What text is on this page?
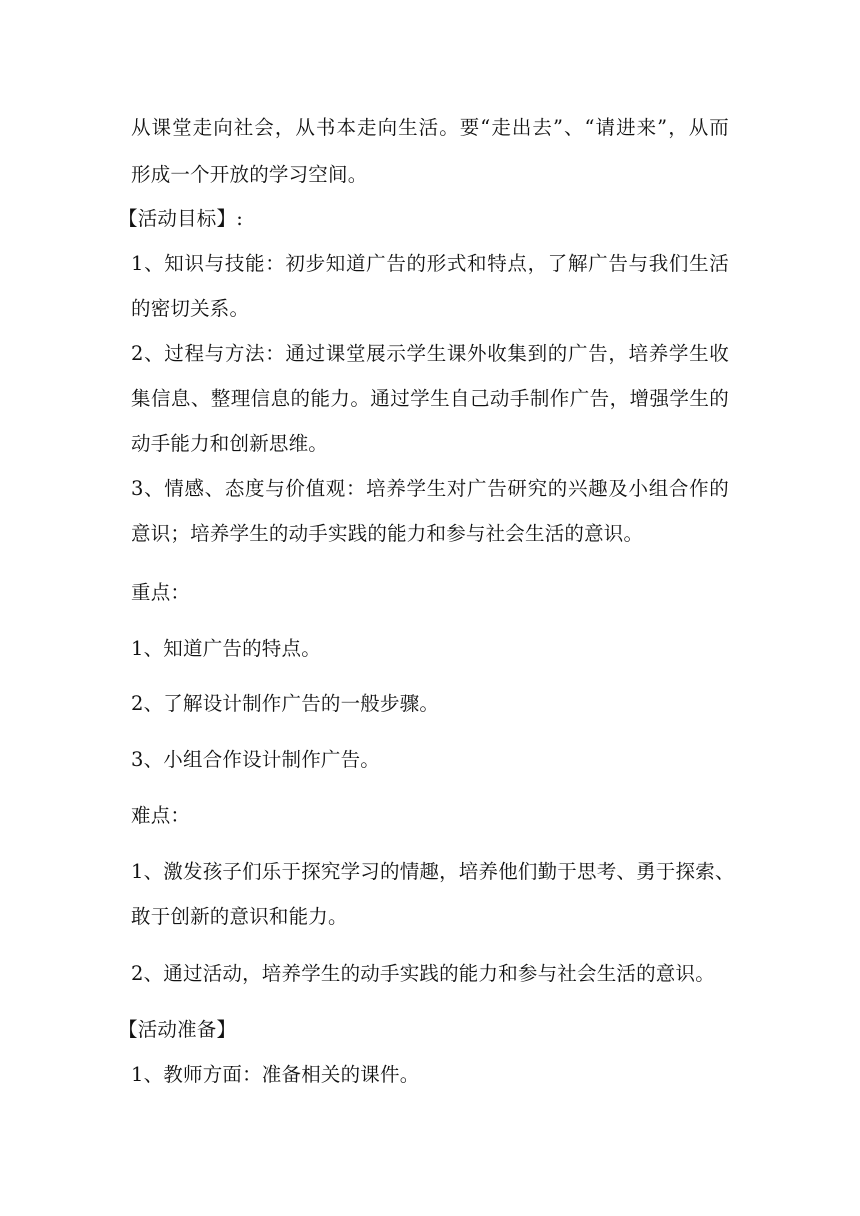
从课堂走向社会，从书本走向生活。要“走出去”、“请进来”，从而
形成一个开放的学习空间。
【活动目标】:
1、知识与技能：初步知道广告的形式和特点，了解广告与我们生活
的密切关系。
2、过程与方法：通过课堂展示学生课外收集到的广告，培养学生收
集信息、整理信息的能力。通过学生自己动手制作广告，增强学生的
动手能力和创新思维。
3、情感、态度与价值观：培养学生对广告研究的兴趣及小组合作的
意识；培养学生的动手实践的能力和参与社会生活的意识。
重点：
1、知道广告的特点。
2、了解设计制作广告的一般步骤。
3、小组合作设计制作广告。
难点：
1、激发孩子们乐于探究学习的情趣，培养他们勤于思考、勇于探索、
敢于创新的意识和能力。
2、通过活动，培养学生的动手实践的能力和参与社会生活的意识。
【活动准备】
1、教师方面：准备相关的课件。
